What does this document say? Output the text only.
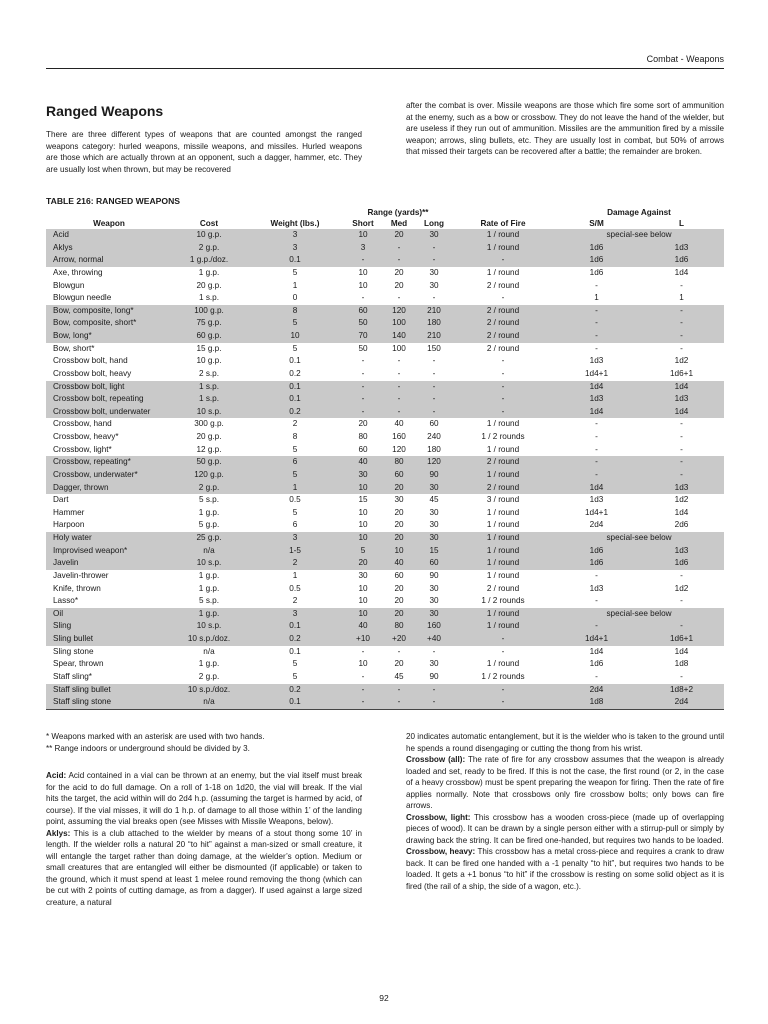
Combat - Weapons
Ranged Weapons

There are three different types of weapons that are counted amongst the ranged weapons category: hurled weapons, missile weapons, and missiles. Hurled weapons are those which are actually thrown at an opponent, such a dagger, hammer, etc. They are usually lost when thrown, but may be recovered

after the combat is over. Missile weapons are those which fire some sort of ammunition at the enemy, such as a bow or crossbow. They do not leave the hand of the wielder, but are useless if they run out of ammunition. Missiles are the ammunition fired by a missile weapon; arrows, sling bullets, etc. They are usually lost in combat, but 50% of arrows that missed their targets can be recovered after a battle; the remainder are broken.

TABLE 216: RANGED WEAPONS
			Range (yards)**				Damage Against
Weapon	Cost	Weight (lbs.)	Short	Med	Long	Rate of Fire	S/M L

Acid	10 g.p.	3	10	20	30	1 / round	special-see below
Aklys	2 g.p.	3	3	-	-	1 / round	1d6 1d3

Arrow, normal	1 g.p./doz.	0.1	-	-	-	-	1d6 1d6

Axe, throwing	1 g.p.	5	10	20	30	1 / round	1d6 1d4

Blowgun	20 g.p.	1	10	20	30	2 / round	- -

Blowgun needle	1 s.p.	0	-	-	-	-	1 1

Bow, composite, long*	100 g.p.	8	60	120	210	2 / round	- -

Bow, composite, short*	75 g.p.	5	50	100	180	2 / round	- -

Bow, long*	60 g.p.	10	70	140	210	2 / round	- -

Bow, short*	15 g.p.	5	50	100	150	2 / round	- -

Crossbow bolt, hand	10 g.p.	0.1	-	-	-	-	1d3 1d2

Crossbow bolt, heavy	2 s.p.	0.2	-	-	-	-	1d4+1 1d6+1

Crossbow bolt, light	1 s.p.	0.1	-	-	-	-	1d4 1d4

Crossbow bolt, repeating	1 s.p.	0.1	-	-	-	-	1d3 1d3

Crossbow bolt, underwater	10 s.p.	0.2	-	-	-	-	1d4 1d4

Crossbow, hand	300 g.p.	2	20	40	60	1 / round	- -

Crossbow, heavy*	20 g.p.	8	80	160	240	1 / 2 rounds	- -

Crossbow, light*	12 g.p.	5	60	120	180	1 / round	- -

Crossbow, repeating*	50 g.p.	6	40	80	120	2 / round	- -

Crossbow, underwater*	120 g.p.	5	30	60	90	1 / round	- -

Dagger, thrown	2 g.p.	1	10	20	30	2 / round	1d4 1d3

Dart	5 s.p.	0.5	15	30	45	3 / round	1d3 1d2

Hammer	1 g.p.	5	10	20	30	1 / round	1d4+1 1d4

Harpoon	5 g.p.	6	10	20	30	1 / round	2d4 2d6

Holy water	25 g.p.	3	10	20	30	1 / round	special-see below
Improvised weapon*	n/a	1-5	5	10	15	1 / round	1d6 1d3

Javelin	10 s.p.	2	20	40	60	1 / round	1d6 1d6

Javelin-thrower	1 g.p.	1	30	60	90	1 / round	- -

Knife, thrown	1 g.p.	0.5	10	20	30	2 / round	1d3 1d2

Lasso*	5 s.p.	2	10	20	30	1 / 2 rounds	- -

Oil	1 g.p.	3	10	20	30	1 / round	special-see below
Sling	10 s.p.	0.1	40	80	160	1 / round	- -

Sling bullet	10 s.p./doz.	0.2	+10	+20	+40	-	1d4+1 1d6+1

Sling stone	n/a	0.1	-	-	-	-	1d4 1d4

Spear, thrown	1 g.p.	5	10	20	30	1 / round	1d6 1d8

Staff sling*	2 g.p.	5	-	45	90	1 / 2 rounds	- -

Staff sling bullet	10 s.p./doz.	0.2	-	-	-	-	2d4 1d8+2

Staff sling stone	n/a	0.1	-	-	-	-	1d8 2d4
* Weapons marked with an asterisk are used with two hands.
** Range indoors or underground should be divided by 3.

Acid: Acid contained in a vial can be thrown at an enemy, but the vial itself must break for the acid to do full damage. On a roll of 1-18 on 1d20, the vial will break. If the vial hits the target, the acid within will do 2d4 h.p. (assuming the target is harmed by acid, of course). If the vial misses, it will do 1 h.p. of damage to all those within 1’ of the landing point, assuming the vial breaks open (see Misses with Missile Weapons, below).

Aklys: This is a club attached to the wielder by means of a stout thong some 10’ in length. If the wielder rolls a natural 20 “to hit” against a man-sized or small creature, it will entangle the target rather than doing damage, at the wielder’s option. Medium or small creatures that are entangled will either be dismounted (if applicable) or taken to the ground, which it must spend at least 1 melee round removing the thong (which can be cut with 2 points of cutting damage, as from a dagger). If used against a large sized creature, a natural

20 indicates automatic entanglement, but it is the wielder who is taken to the ground until he spends a round disengaging or cutting the thong from his wrist.

Crossbow (all): The rate of fire for any crossbow assumes that the weapon is already loaded and set, ready to be fired. If this is not the case, the first round (or 2, in the case of a heavy crossbow) must be spent preparing the weapon for firing. Then the rate of fire applies normally. Note that crossbows only fire crossbow bolts; only bows can fire arrows.

Crossbow, light: This crossbow has a wooden cross-piece (made up of overlapping pieces of wood). It can be drawn by a single person either with a stirrup-pull or simply by drawing back the string. It can be fired one-handed, but requires two hands to be loaded.

Crossbow, heavy: This crossbow has a metal cross-piece and requires a crank to draw back. It can be fired one handed with a -1 penalty “to hit”, but requires two hands to be loaded. It gets a +1 bonus “to hit” if the crossbow is resting on some solid object as it is fired (the rail of a ship, the side of a wagon, etc.).

92
